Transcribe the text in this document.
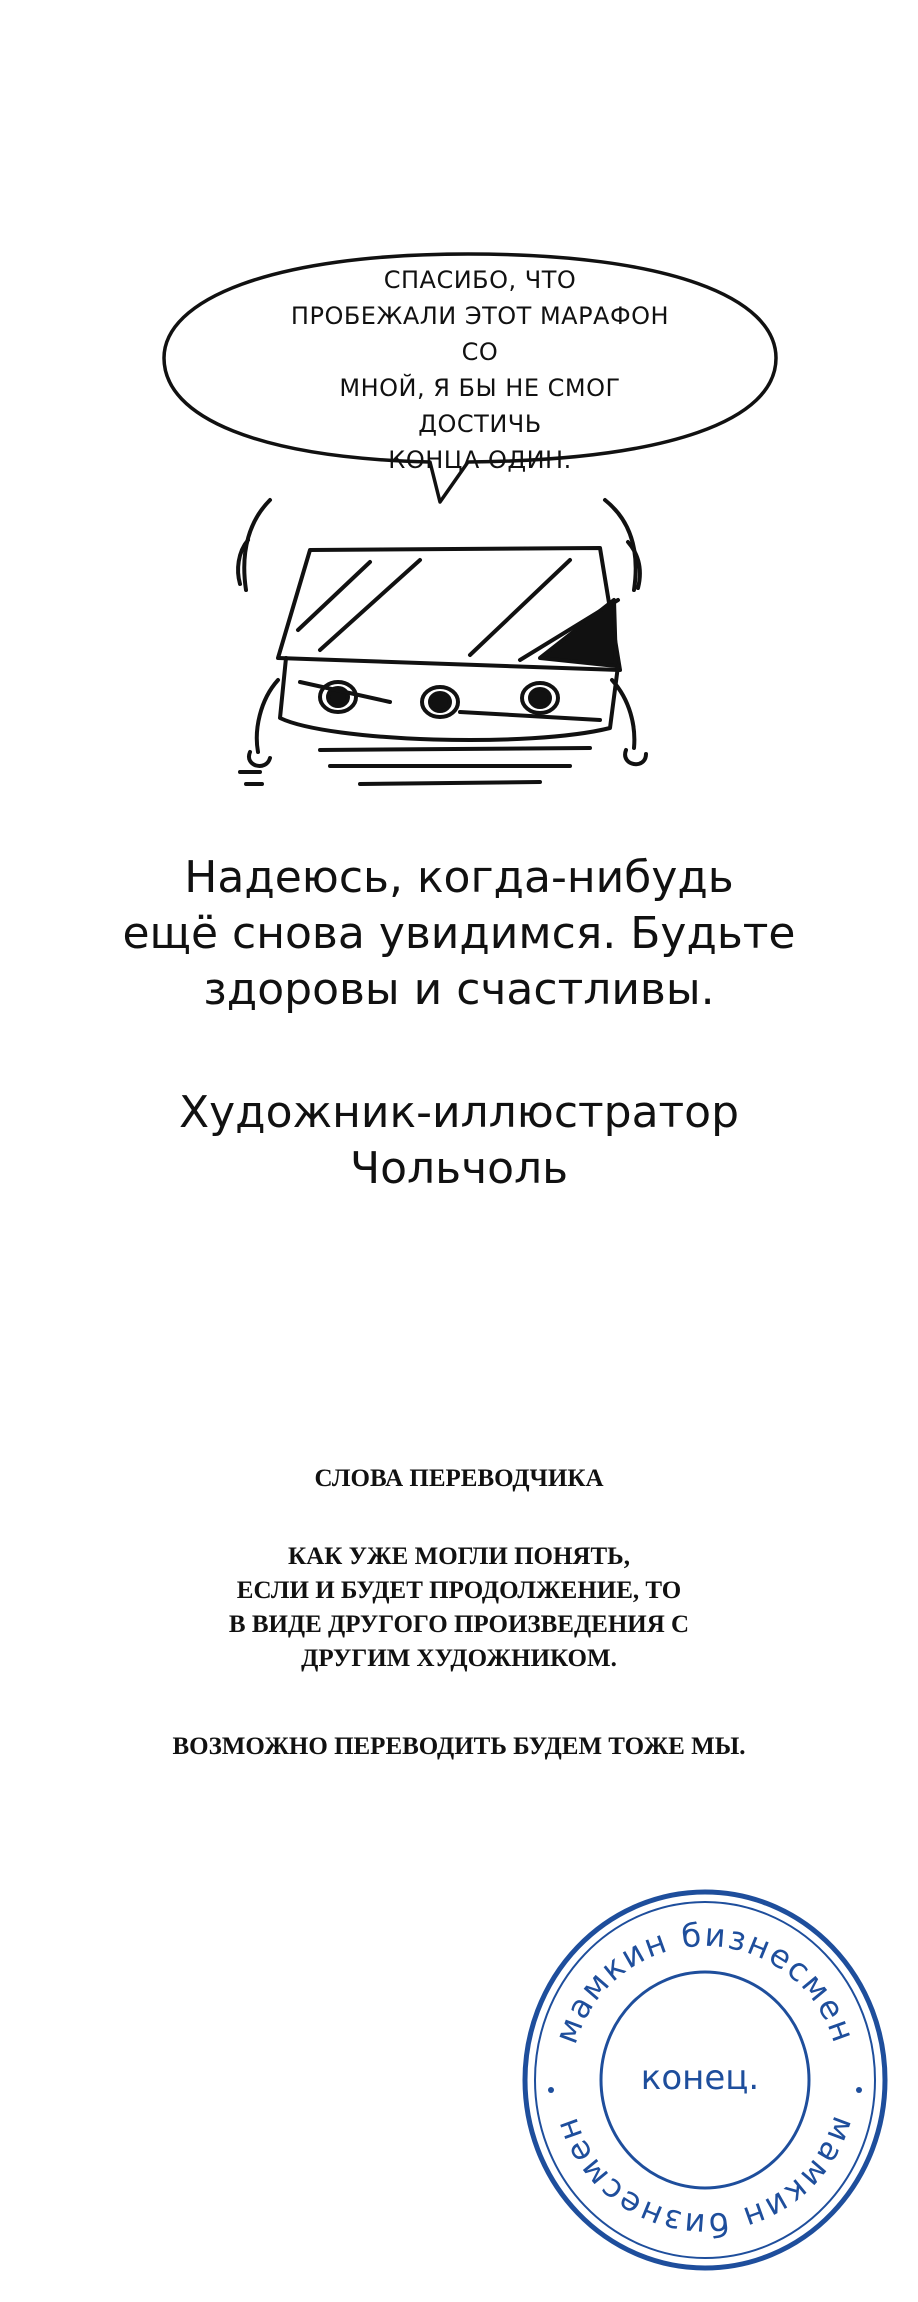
СПАСИБО, ЧТО
ПРОБЕЖАЛИ ЭТОТ МАРАФОН СО
МНОЙ, Я БЫ НЕ СМОГ ДОСТИЧЬ
КОНЦА ОДИН.
Надеюсь, когда-нибудь
ещё снова увидимся. Будьте
здоровы и счастливы.
Художник-иллюстратор
Чольчоль
СЛОВА ПЕРЕВОДЧИКА
КАК УЖЕ МОГЛИ ПОНЯТЬ,
ЕСЛИ И БУДЕТ ПРОДОЛЖЕНИЕ, ТО
В ВИДЕ ДРУГОГО ПРОИЗВЕДЕНИЯ С
ДРУГИМ ХУДОЖНИКОМ.
ВОЗМОЖНО ПЕРЕВОДИТЬ БУДЕМ ТОЖЕ МЫ.
мамкин бизнесмен
мамкин бизнесмен
конец.
